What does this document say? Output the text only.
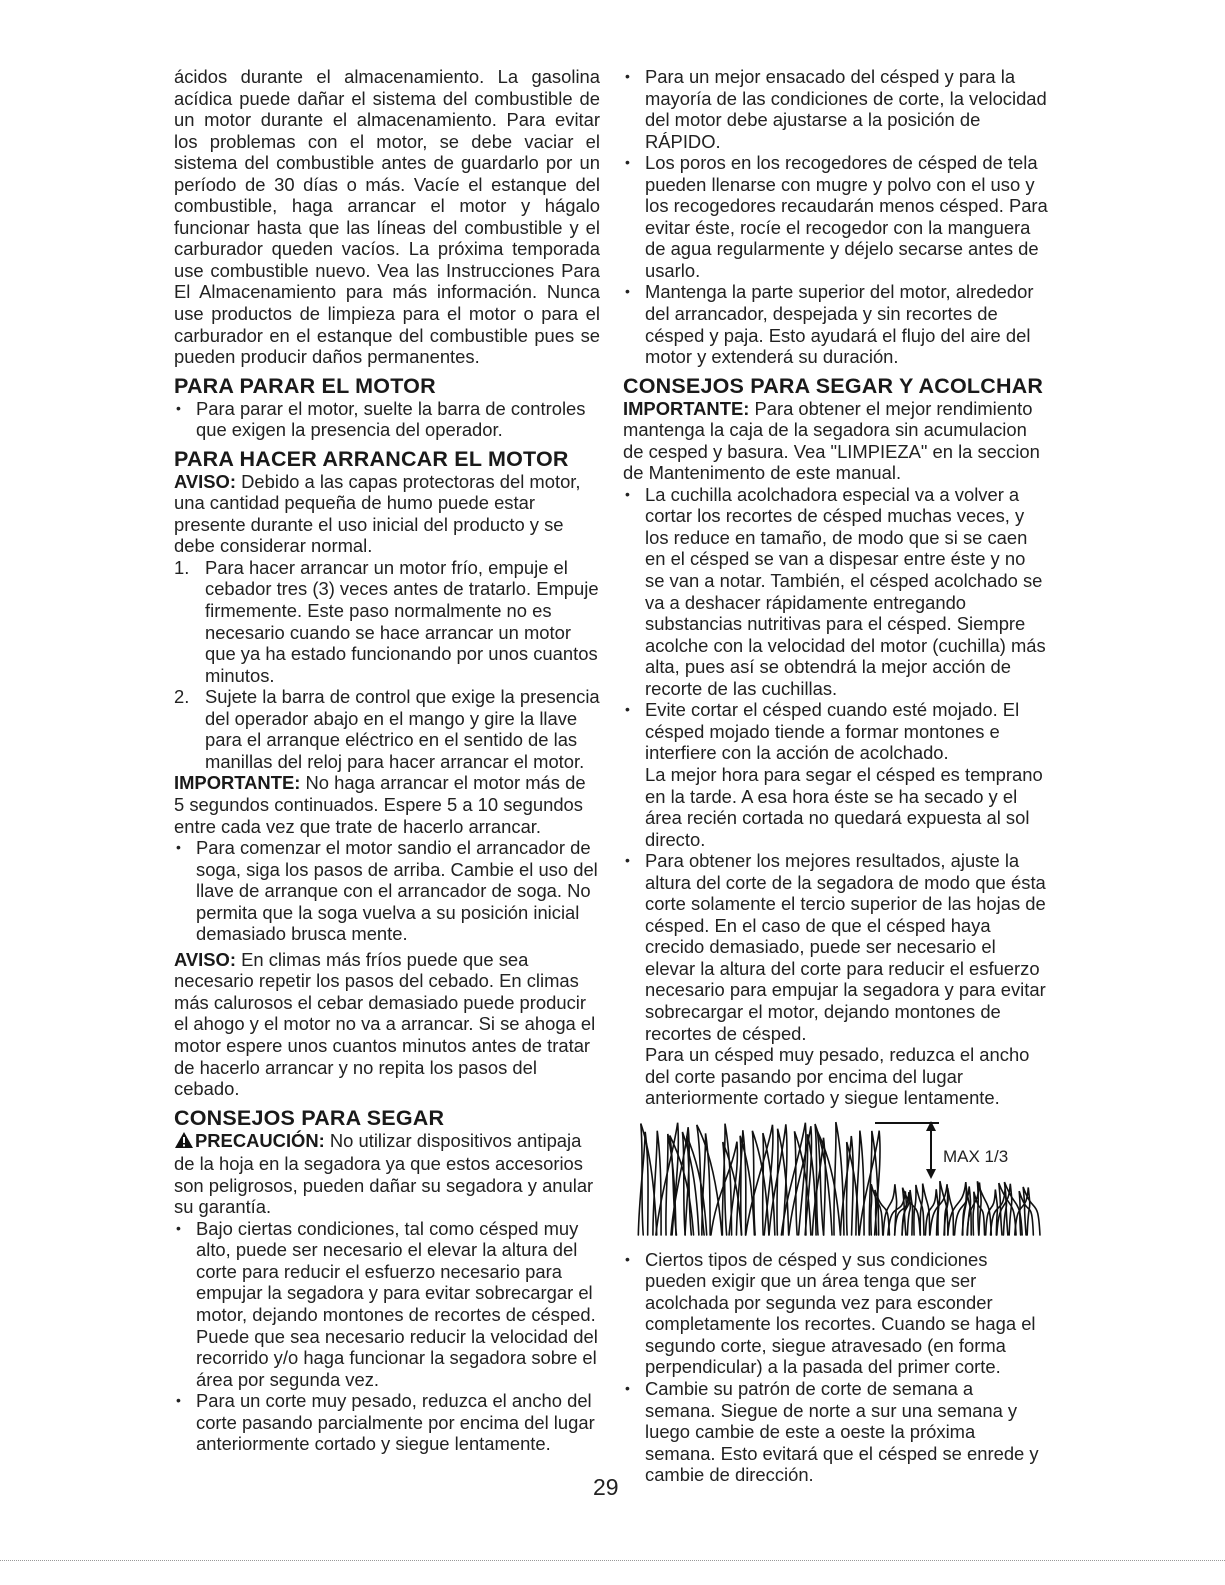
ácidos durante el almacenamiento. La gasolina acídica puede dañar el sistema del combustible de un motor durante el almacenamiento. Para evitar los problemas con el motor, se debe vaciar el sistema del combustible antes de guardarlo por un período de 30 días o más. Vacíe el estanque del combustible, haga arrancar el motor y hágalo funcionar hasta que las líneas del combustible y el carburador queden vacíos. La próxima temporada use combustible nuevo. Vea las Instrucciones Para El Almacenamiento para más información. Nunca use productos de limpieza para el motor o para el carburador en el estanque del combustible pues se pueden producir daños permanentes.

PARA PARAR EL MOTOR

• Para parar el motor, suelte la barra de controles que exigen la presencia del operador.

PARA HACER ARRANCAR EL MOTOR

AVISO: Debido a las capas protectoras del motor, una cantidad pequeña de humo puede estar presente durante el uso inicial del producto y se debe considerar normal.

1. Para hacer arrancar un motor frío, empuje el cebador tres (3) veces antes de tratarlo. Empuje firmemente. Este paso normalmente no es necesario cuando se hace arrancar un motor que ya ha estado funcionando por unos cuantos minutos.
2. Sujete la barra de control que exige la presencia del operador abajo en el mango y gire la llave para el arranque eléctrico en el sentido de las manillas del reloj para hacer arrancar el motor.

IMPORTANTE: No haga arrancar el motor más de 5 segundos continuados. Espere 5 a 10 segundos entre cada vez que trate de hacerlo arrancar.

• Para comenzar el motor sandio el arrancador de soga, siga los pasos de arriba. Cambie el uso del llave de arranque con el arrancador de soga. No permita que la soga vuelva a su posición inicial demasiado brusca mente.

AVISO: En climas más fríos puede que sea necesario repetir los pasos del cebado. En climas más calurosos el cebar demasiado puede producir el ahogo y el motor no va a arrancar. Si se ahoga el motor espere unos cuantos minutos antes de tratar de hacerlo arrancar y no repita los pasos del cebado.

CONSEJOS PARA SEGAR

PRECAUCIÓN: No utilizar dispositivos antipaja de la hoja en la segadora ya que estos accesorios son peligrosos, pueden dañar su segadora y anular su garantía.

• Bajo ciertas condiciones, tal como césped muy alto, puede ser necesario el elevar la altura del corte para reducir el esfuerzo necesario para empujar la segadora y para evitar sobrecargar el motor, dejando montones de recortes de césped. Puede que sea necesario reducir la velocidad del recorrido y/o haga funcionar la segadora sobre el área por segunda vez.

• Para un corte muy pesado, reduzca el ancho del corte pasando parcialmente por encima del lugar anteriormente cortado y siegue lentamente.

• Para un mejor ensacado del césped y para la mayoría de las condiciones de corte, la velocidad del motor debe ajustarse a la posición de RÁPIDO.

• Los poros en los recogedores de césped de tela pueden llenarse con mugre y polvo con el uso y los recogedores recaudarán menos césped. Para evitar éste, rocíe el recogedor con la manguera de agua regularmente y déjelo secarse antes de usarlo.

• Mantenga la parte superior del motor, alrededor del arrancador, despejada y sin recortes de césped y paja. Esto ayudará el flujo del aire del motor y extenderá su duración.

CONSEJOS PARA SEGAR Y ACOLCHAR

IMPORTANTE: Para obtener el mejor rendimiento mantenga la caja de la segadora sin acumulacion de cesped y basura. Vea "LIMPIEZA" en la seccion de Mantenimento de este manual.

• La cuchilla acolchadora especial va a volver a cortar los recortes de césped muchas veces, y los reduce en tamaño, de modo que si se caen en el césped se van a dispesar entre éste y no se van a notar. También, el césped acolchado se va a deshacer rápidamente entregando substancias nutritivas para el césped. Siempre acolche con la velocidad del motor (cuchilla) más alta, pues así se obtendrá la mejor acción de recorte de las cuchillas.

• Evite cortar el césped cuando esté mojado. El césped mojado tiende a formar montones e interfiere con la acción de acolchado.

La mejor hora para segar el césped es temprano en la tarde. A esa hora éste se ha secado y el área recién cortada no quedará expuesta al sol directo.

• Para obtener los mejores resultados, ajuste la altura del corte de la segadora de modo que ésta corte solamente el tercio superior de las hojas de césped. En el caso de que el césped haya crecido demasiado, puede ser necesario el elevar la altura del corte para reducir el esfuerzo necesario para empujar la segadora y para evitar sobrecargar el motor, dejando montones de recortes de césped.

Para un césped muy pesado, reduzca el ancho del corte pasando por encima del lugar anteriormente cortado y siegue lentamente.

MAX 1/3

• Ciertos tipos de césped y sus condiciones pueden exigir que un área tenga que ser acolchada por segunda vez para esconder completamente los recortes. Cuando se haga el segundo corte, siegue atravesado (en forma perpendicular) a la pasada del primer corte.

• Cambie su patrón de corte de semana a semana. Siegue de norte a sur una semana y luego cambie de este a oeste la próxima semana. Esto evitará que el césped se enrede y cambie de dirección.

29
